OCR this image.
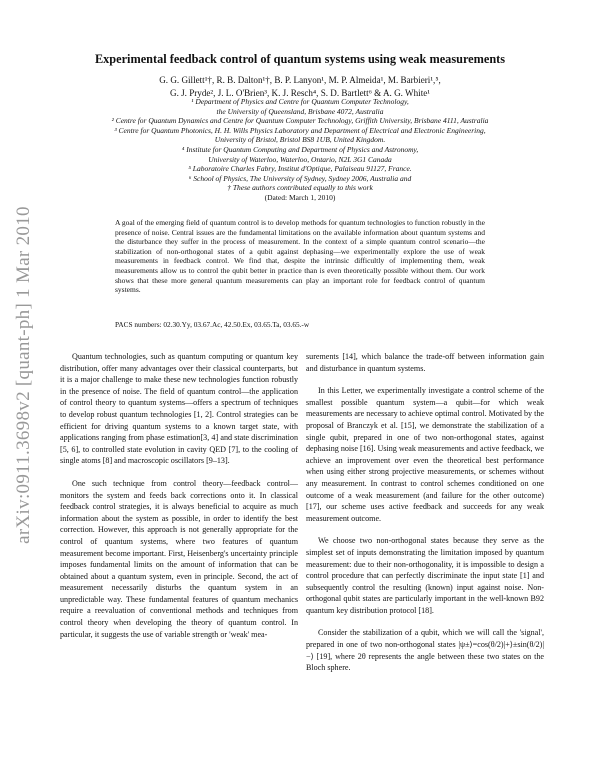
arXiv:0911.3698v2 [quant-ph] 1 Mar 2010
Experimental feedback control of quantum systems using weak measurements
G. G. Gillett¹†, R. B. Dalton¹†, B. P. Lanyon¹, M. P. Almeida¹, M. Barbieri¹,⁵,
G. J. Pryde², J. L. O'Brien³, K. J. Resch⁴, S. D. Bartlett⁶ & A. G. White¹
¹ Department of Physics and Centre for Quantum Computer Technology,
the University of Queensland, Brisbane 4072, Australia
² Centre for Quantum Dynamics and Centre for Quantum Computer Technology, Griffith University, Brisbane 4111, Australia
³ Centre for Quantum Photonics, H. H. Wills Physics Laboratory and Department of Electrical and Electronic Engineering,
University of Bristol, Bristol BS8 1UB, United Kingdom.
⁴ Institute for Quantum Computing and Department of Physics and Astronomy,
University of Waterloo, Waterloo, Ontario, N2L 3G1 Canada
⁵ Laboratoire Charles Fabry, Institut d'Optique, Palaiseau 91127, France.
⁶ School of Physics, The University of Sydney, Sydney 2006, Australia and
† These authors contributed equally to this work
(Dated: March 1, 2010)

A goal of the emerging field of quantum control is to develop methods for quantum technologies to function robustly in the presence of noise. Central issues are the fundamental limitations on the available information about quantum systems and the disturbance they suffer in the process of measurement. In the context of a simple quantum control scenario—the stabilization of non-orthogonal states of a qubit against dephasing—we experimentally explore the use of weak measurements in feedback control. We find that, despite the intrinsic difficultly of implementing them, weak measurements allow us to control the qubit better in practice than is even theoretically possible without them. Our work shows that these more general quantum measurements can play an important role for feedback control of quantum systems.

PACS numbers: 02.30.Yy, 03.67.Ac, 42.50.Ex, 03.65.Ta, 03.65.-w

Quantum technologies, such as quantum computing or quantum key distribution, offer many advantages over their classical counterparts, but it is a major challenge to make these new technologies function robustly in the presence of noise. The field of quantum control—the application of control theory to quantum systems—offers a spectrum of techniques to develop robust quantum technologies [1, 2]. Control strategies can be efficient for driving quantum systems to a known target state, with applications ranging from phase estimation[3, 4] and state discrimination [5, 6], to controlled state evolution in cavity QED [7], to the cooling of single atoms [8] and macroscopic oscillators [9–13].

One such technique from control theory—feedback control—monitors the system and feeds back corrections onto it. In classical feedback control strategies, it is always beneficial to acquire as much information about the system as possible, in order to identify the best correction. However, this approach is not generally appropriate for the control of quantum systems, where two features of quantum measurement become important. First, Heisenberg's uncertainty principle imposes fundamental limits on the amount of information that can be obtained about a quantum system, even in principle. Second, the act of measurement necessarily disturbs the quantum system in an unpredictable way. These fundamental features of quantum mechanics require a reevaluation of conventional methods and techniques from control theory when developing the theory of quantum control. In particular, it suggests the use of variable strength or 'weak' mea-

surements [14], which balance the trade-off between information gain and disturbance in quantum systems.

In this Letter, we experimentally investigate a control scheme of the smallest possible quantum system—a qubit—for which weak measurements are necessary to achieve optimal control. Motivated by the proposal of Branczyk et al. [15], we demonstrate the stabilization of a single qubit, prepared in one of two non-orthogonal states, against dephasing noise [16]. Using weak measurements and active feedback, we achieve an improvement over even the theoretical best performance when using either strong projective measurements, or schemes without any measurement. In contrast to control schemes conditioned on one outcome of a weak measurement (and failure for the other outcome) [17], our scheme uses active feedback and succeeds for any weak measurement outcome.

We choose two non-orthogonal states because they serve as the simplest set of inputs demonstrating the limitation imposed by quantum measurement: due to their non-orthogonality, it is impossible to design a control procedure that can perfectly discriminate the input state [1] and subsequently control the resulting (known) input against noise. Non-orthogonal qubit states are particularly important in the well-known B92 quantum key distribution protocol [18].

Consider the stabilization of a qubit, which we will call the 'signal', prepared in one of two non-orthogonal states |ψ±⟩=cos(θ/2)|+⟩±sin(θ/2)|−⟩ [19], where 2θ represents the angle between these two states on the Bloch sphere.
